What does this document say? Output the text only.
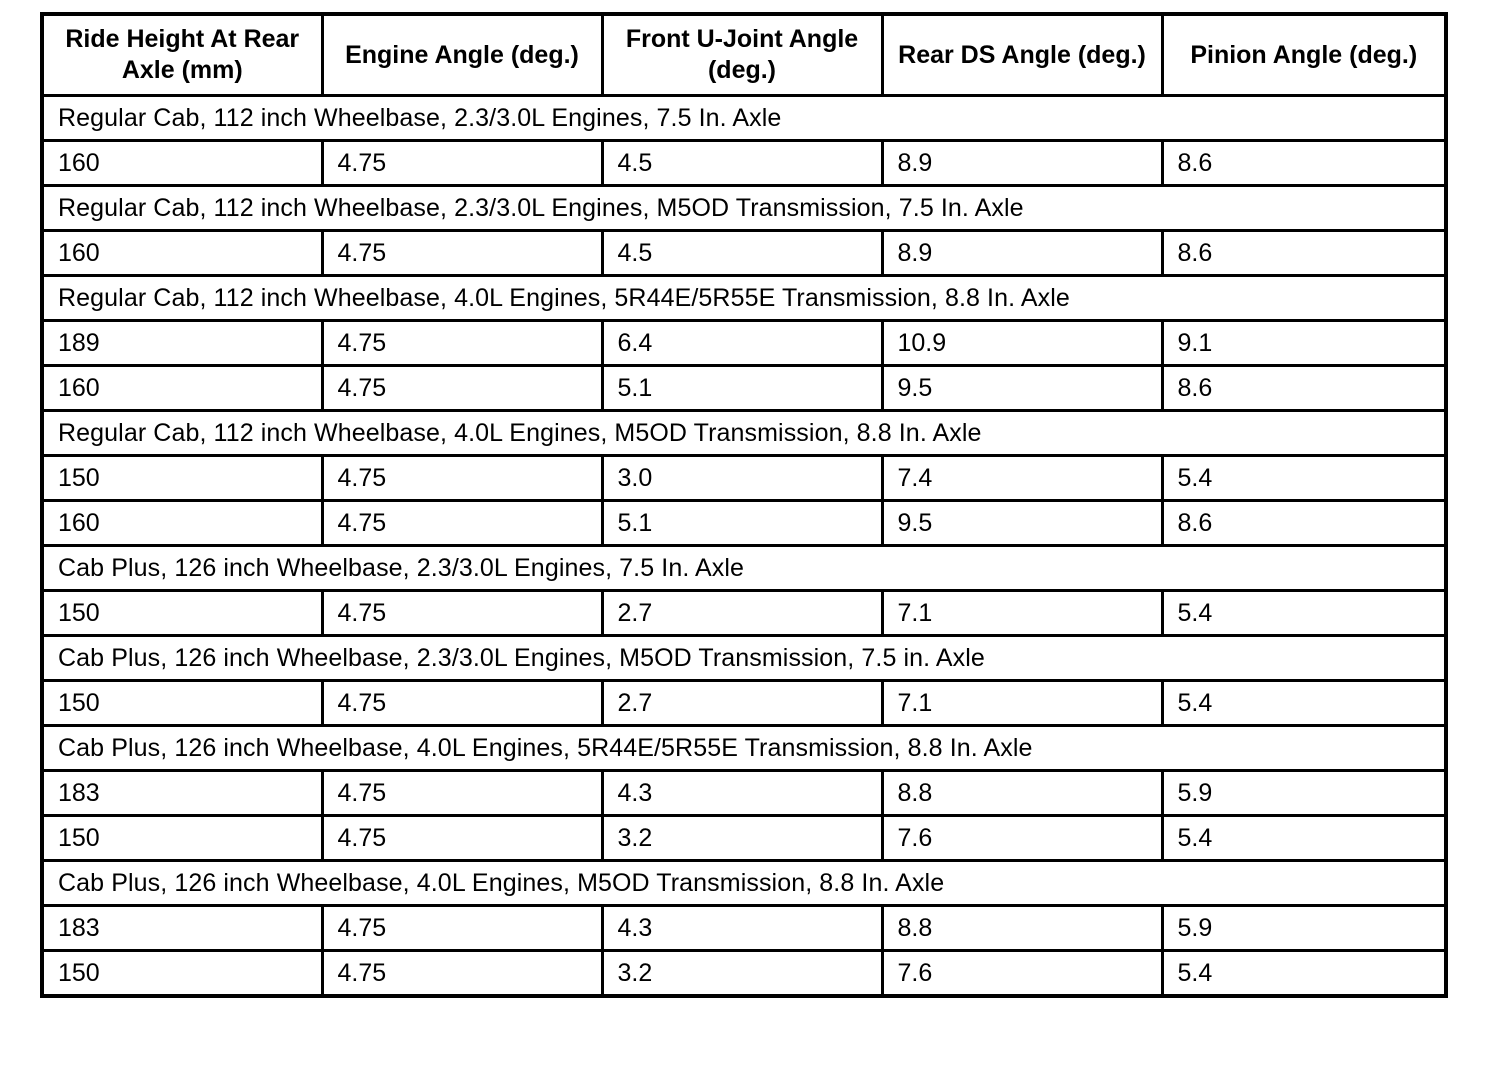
Ride Height At Rear Axle (mm)	Engine Angle (deg.)	Front U-Joint Angle (deg.)	Rear DS Angle (deg.)	Pinion Angle (deg.)
Regular Cab, 112 inch Wheelbase, 2.3/3.0L Engines, 7.5 In. Axle				
160	4.75	4.5	8.9	8.6
Regular Cab, 112 inch Wheelbase, 2.3/3.0L Engines, M5OD Transmission, 7.5 In. Axle				
160	4.75	4.5	8.9	8.6
Regular Cab, 112 inch Wheelbase, 4.0L Engines, 5R44E/5R55E Transmission, 8.8 In. Axle				
189	4.75	6.4	10.9	9.1
160	4.75	5.1	9.5	8.6
Regular Cab, 112 inch Wheelbase, 4.0L Engines, M5OD Transmission, 8.8 In. Axle				
150	4.75	3.0	7.4	5.4
160	4.75	5.1	9.5	8.6
Cab Plus, 126 inch Wheelbase, 2.3/3.0L Engines, 7.5 In. Axle				
150	4.75	2.7	7.1	5.4
Cab Plus, 126 inch Wheelbase, 2.3/3.0L Engines, M5OD Transmission, 7.5 in. Axle				
150	4.75	2.7	7.1	5.4
Cab Plus, 126 inch Wheelbase, 4.0L Engines, 5R44E/5R55E Transmission, 8.8 In. Axle				
183	4.75	4.3	8.8	5.9
150	4.75	3.2	7.6	5.4
Cab Plus, 126 inch Wheelbase, 4.0L Engines, M5OD Transmission, 8.8 In. Axle				
183	4.75	4.3	8.8	5.9
150	4.75	3.2	7.6	5.4
